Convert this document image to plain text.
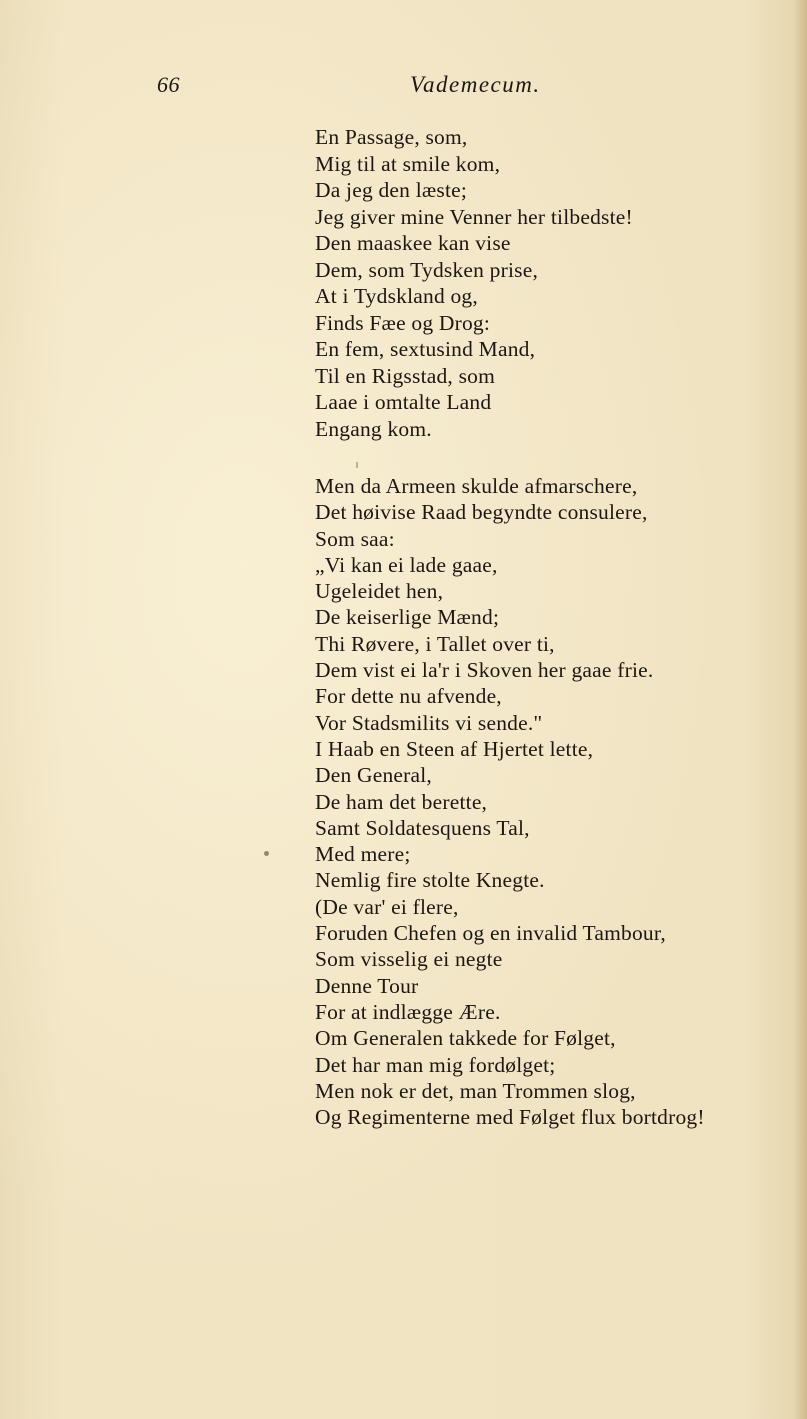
66	Vademecum.
En Passage, som,
Mig til at smile kom,
Da jeg den læste;
Jeg giver mine Venner her tilbedste!
Den maaskee kan vise
Dem, som Tydsken prise,
At i Tydskland og,
Finds Fæe og Drog:
En fem, sextusind Mand,
Til en Rigsstad, som
Laae i omtalte Land
Engang kom.
Men da Armeen skulde afmarschere,
Det høivise Raad begyndte consulere,
Som saa:
„Vi kan ei lade gaae,
Ugeleidet hen,
De keiserlige Mænd;
Thi Røvere, i Tallet over ti,
Dem vist ei la'r i Skoven her gaae frie.
For dette nu afvende,
Vor Stadsmilits vi sende."
I Haab en Steen af Hjertet lette,
Den General,
De ham det berette,
Samt Soldatesquens Tal,
Med mere;
Nemlig fire stolte Knegte.
(De var' ei flere,
Foruden Chefen og en invalid Tambour,
Som visselig ei negte
Denne Tour
For at indlægge Ære.
Om Generalen takkede for Følget,
Det har man mig fordølget;
Men nok er det, man Trommen slog,
Og Regimenterne med Følget flux bortdrog!
